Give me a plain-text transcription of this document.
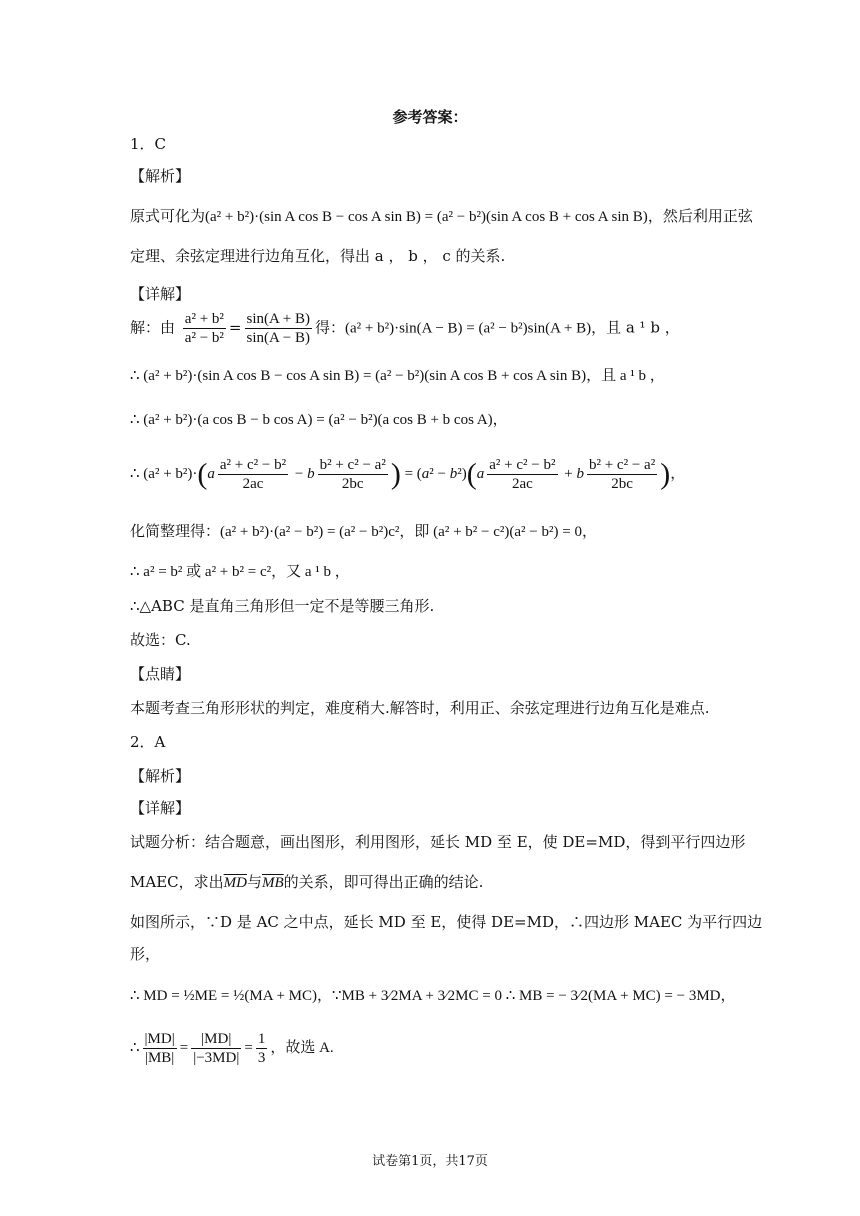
参考答案：
1．C
【解析】
原式可化为(a² + b²)·(sin A cos B − cos A sin B) = (a² − b²)(sin A cos B + cos A sin B)，然后利用正弦
定理、余弦定理进行边角互化，得出 a ， b ， c 的关系.
【详解】
解：由 $\frac{\text{a² + b²}}{\text{a² − b²}} = \frac{\sin(A + B)}{\sin(A - B)}$ 得：(a² + b²)·sin(A − B) = (a² − b²)sin(A + B)，且 a ¹ b ，
∴ (a² + b²)·(sin A cos B − cos A sin B) = (a² − b²)(sin A cos B + cos A sin B)，且 a ¹ b ，
∴ (a² + b²)·(a cos B − b cos A) = (a² − b²)(a cos B + b cos A)，
∴ $(a^2 + b^2)\cdot(a \frac{\text{a² + c² − b²}}{2ac} - b \frac{\text{b² + c² − a²}}{2bc}$ ) = $(a^2 - b^2)(a \frac{\text{a² + c² − b²}}{2ac} + b \frac{\text{b² + c² − a²}}{2bc}$ )，
化简整理得：(a² + b²)·(a² − b²) = (a² − b²)c²，即 (a² + b² − c²)(a² − b²) = 0，
∴ a² = b² 或 a² + b² = c²，又 a ¹ b ，
∴△ABC 是直角三角形但一定不是等腰三角形.
故选：C.
【点睛】
本题考查三角形形状的判定，难度稍大.解答时，利用正、余弦定理进行边角互化是难点.
2．A
【解析】
【详解】
试题分析：结合题意，画出图形，利用图形，延长 MD 至 E，使 DE=MD，得到平行四边形
MAEC，求出$\overline{MD}$与$\overline{MB}$的关系，即可得出正确的结论.
如图所示，∵D 是 AC 之中点，延长 MD 至 E，使得 DE=MD，∴四边形 MAEC 为平行四边
形，
∴ MD = ½ME = ½(MA + MC)，∵MB + 3⁄2MA + 3⁄2MC = 0 ∴ MB = − 3⁄2(MA + MC) = − 3MD，
∴ $\frac{|MD|}{|MB|} = \frac{|MD|}{|-3MD|} = \frac{1}{3}$ ，故选 A.
试卷第1页，共17页
